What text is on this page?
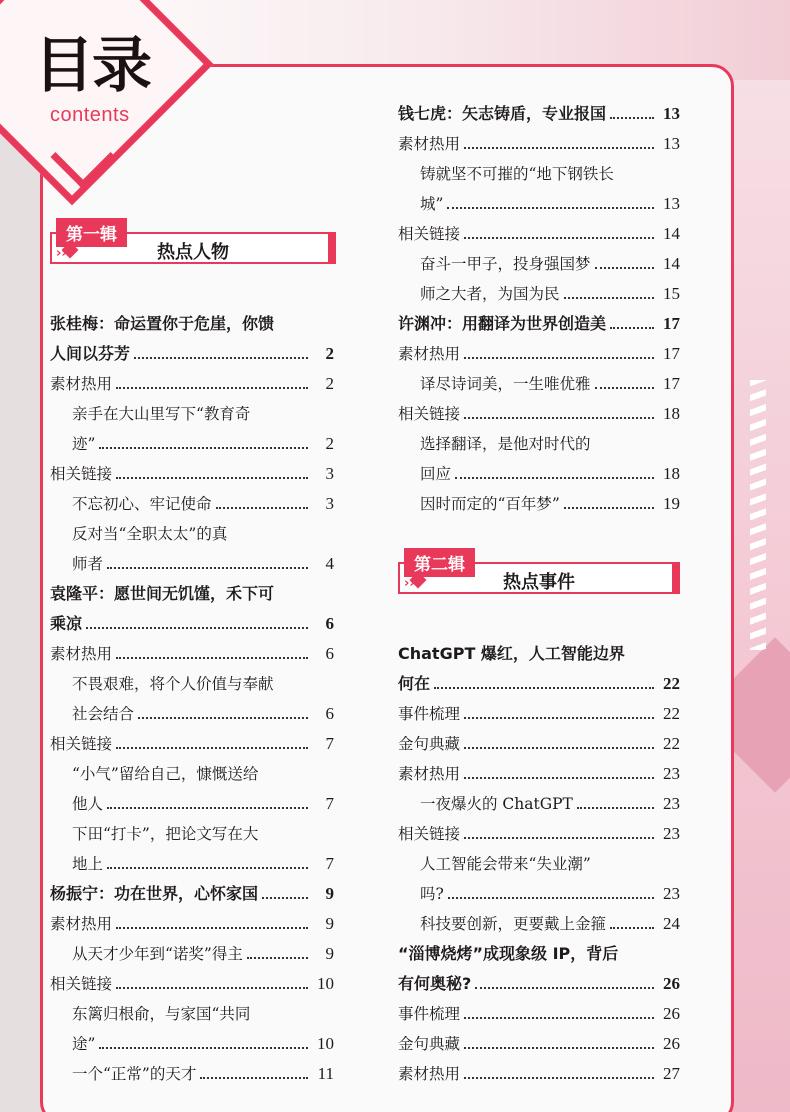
目录
contents
第一辑
›››	热点人物
第二辑
›››	热点事件
张桂梅：命运置你于危崖，你馈
人间以芬芳	2
素材热用	2
亲手在大山里写下“教育奇
迹”	2
相关链接	3
不忘初心、牢记使命	3
反对当“全职太太”的真
师者	4
袁隆平：愿世间无饥馑，禾下可
乘凉	6
素材热用	6
不畏艰难，将个人价值与奉献
社会结合	6
相关链接	7
“小气”留给自己，慷慨送给
他人	7
下田“打卡”，把论文写在大
地上	7
杨振宁：功在世界，心怀家国	9
素材热用	9
从天才少年到“诺奖”得主	9
相关链接	10
东篱归根俞，与家国“共同
途”	10
一个“正常”的天才	11
钱七虎：矢志铸盾，专业报国	13
素材热用	13
铸就坚不可摧的“地下钢铁长
城”	13
相关链接	14
奋斗一甲子，投身强国梦	14
师之大者，为国为民	15
许渊冲：用翻译为世界创造美	17
素材热用	17
译尽诗词美，一生唯优雅	17
相关链接	18
选择翻译，是他对时代的
回应	18
因时而定的“百年梦”	19
ChatGPT 爆红，人工智能边界
何在	22
事件梳理	22
金句典藏	22
素材热用	23
一夜爆火的 ChatGPT	23
相关链接	23
人工智能会带来“失业潮”
吗?	23
科技要创新，更要戴上金箍	24
“淄博烧烤”成现象级 IP，背后
有何奥秘?	26
事件梳理	26
金句典藏	26
素材热用	27
